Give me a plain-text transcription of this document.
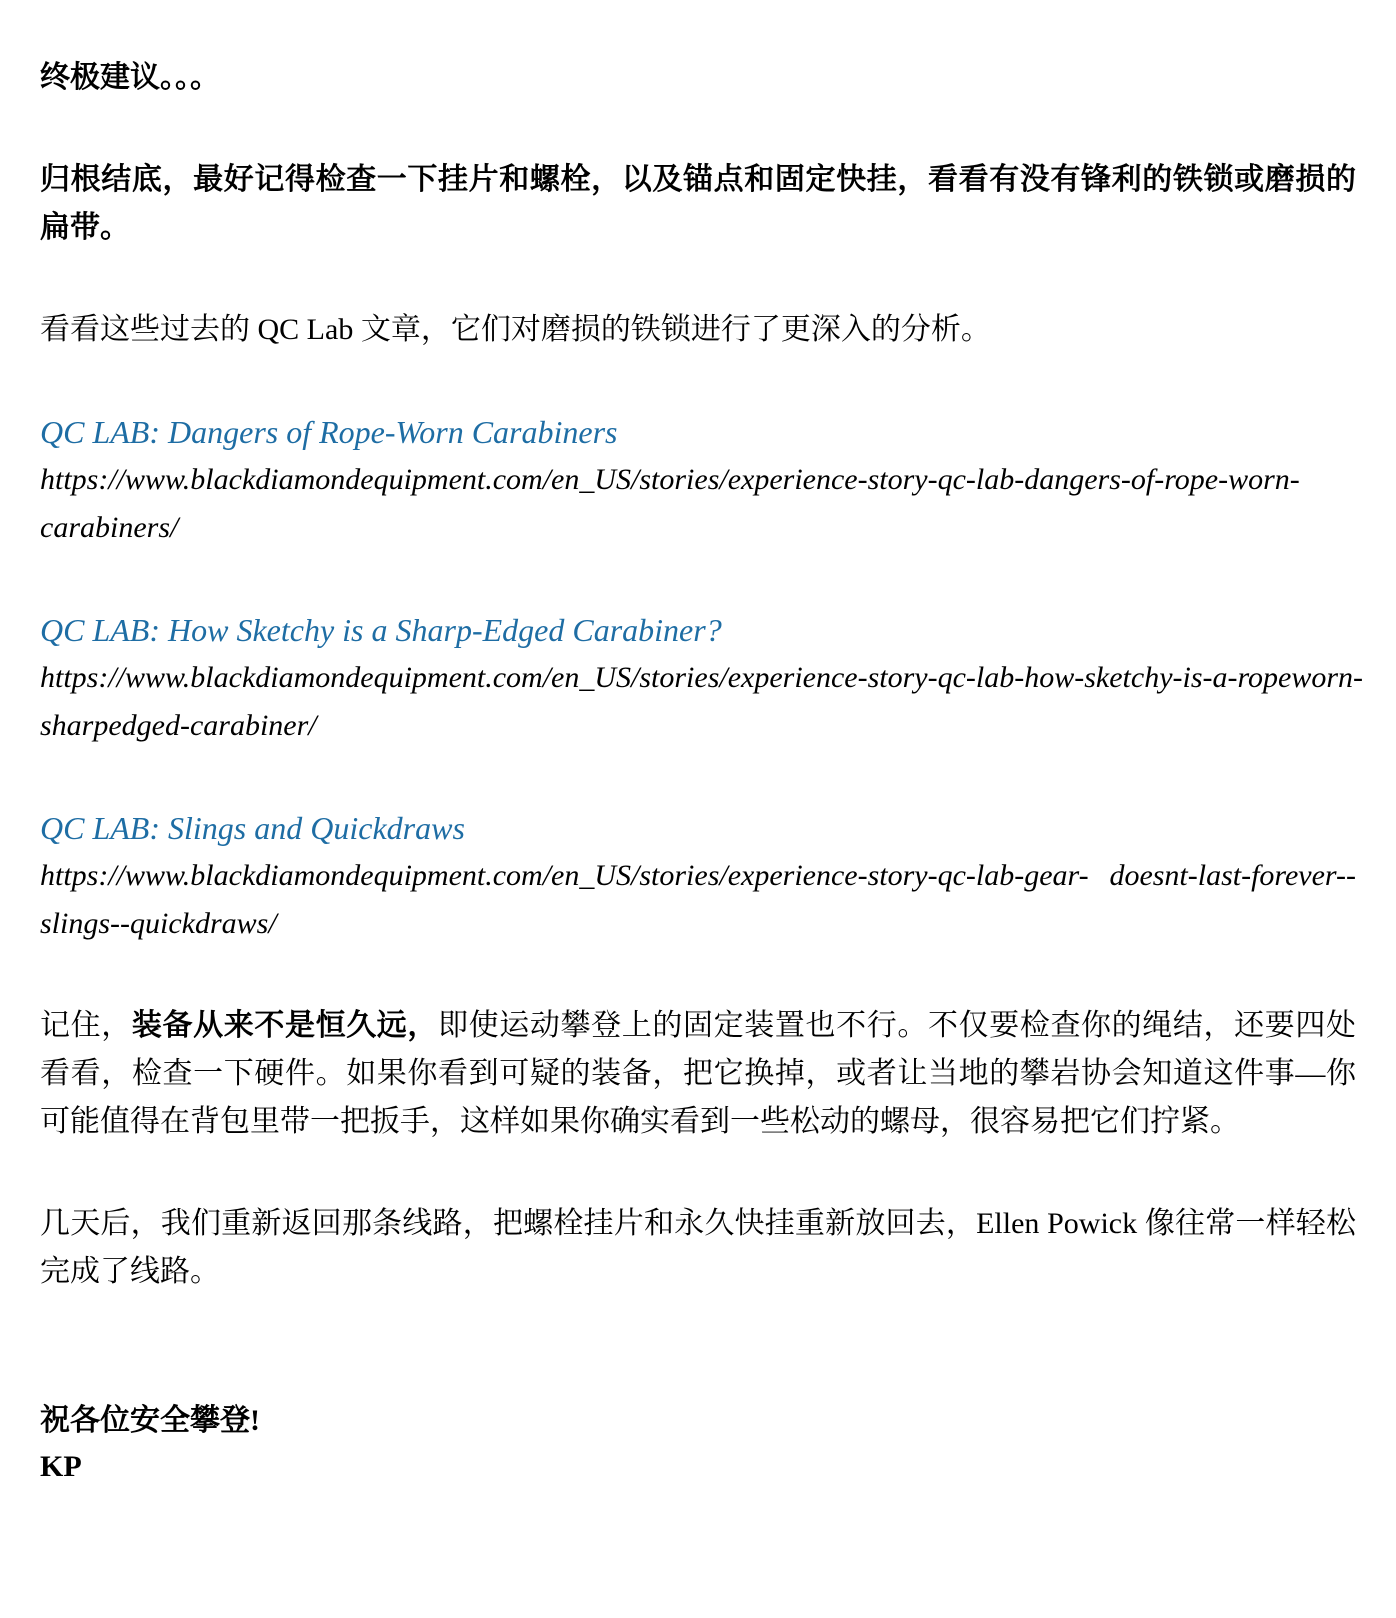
终极建议。。。

归根结底，最好记得检查一下挂片和螺栓，以及锚点和固定快挂，看看有没有锋利的铁锁或磨损的扁带。

看看这些过去的 QC Lab 文章，它们对磨损的铁锁进行了更深入的分析。

QC LAB: Dangers of Rope-Worn Carabiners
https://www.blackdiamondequipment.com/en_US/stories/experience-story-qc-lab-dangers-of-rope-worn-
carabiners/
QC LAB: How Sketchy is a Sharp-Edged Carabiner?
https://www.blackdiamondequipment.com/en_US/stories/experience-story-qc-lab-how- sketchy-is-a-ropeworn-
sharpedged-carabiner/
QC LAB: Slings and Quickdraws
https://www.blackdiamondequipment.com/en_US/stories/experience-story-qc-lab-gear- doesnt-last-forever--
slings--quickdraws/

记住，装备从来不是恒久远，即使运动攀登上的固定装置也不行。不仅要检查你的绳结，还要四处看看，检查一下硬件。如果你看到可疑的装备，把它换掉，或者让当地的攀岩协会知道这件事—你可能值得在背包里带一把扳手，这样如果你确实看到一些松动的螺母，很容易把它们拧紧。

几天后，我们重新返回那条线路，把螺栓挂片和永久快挂重新放回去，Ellen Powick 像往常一样轻松完成了线路。

祝各位安全攀登!
KP
